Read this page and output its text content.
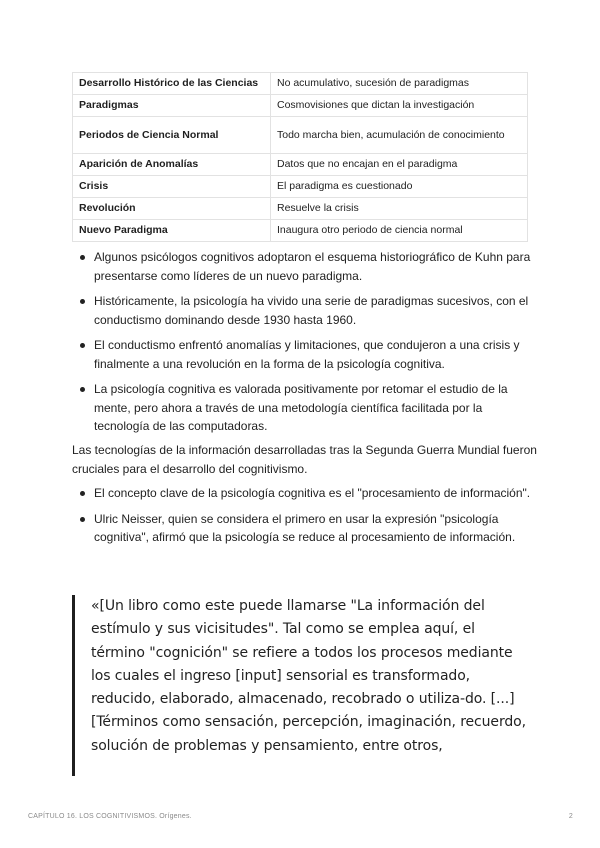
Desarrollo Histórico de las Ciencias	No acumulativo, sucesión de paradigmas
Paradigmas	Cosmovisiones que dictan la investigación
Periodos de Ciencia Normal	Todo marcha bien, acumulación de conocimiento
Aparición de Anomalías	Datos que no encajan en el paradigma
Crisis	El paradigma es cuestionado
Revolución	Resuelve la crisis
Nuevo Paradigma	Inaugura otro periodo de ciencia normal
Algunos psicólogos cognitivos adoptaron el esquema historiográfico de Kuhn para presentarse como líderes de un nuevo paradigma.
Históricamente, la psicología ha vivido una serie de paradigmas sucesivos, con el conductismo dominando desde 1930 hasta 1960.
El conductismo enfrentó anomalías y limitaciones, que condujeron a una crisis y finalmente a una revolución en la forma de la psicología cognitiva.
La psicología cognitiva es valorada positivamente por retomar el estudio de la mente, pero ahora a través de una metodología científica facilitada por la tecnología de las computadoras.

Las tecnologías de la información desarrolladas tras la Segunda Guerra Mundial fueron cruciales para el desarrollo del cognitivismo.

El concepto clave de la psicología cognitiva es el "procesamiento de información".
Ulric Neisser, quien se considera el primero en usar la expresión "psicología cognitiva", afirmó que la psicología se reduce al procesamiento de información.

«[Un libro como este puede llamarse "La información del estímulo y sus vicisitudes". Tal como se emplea aquí, el término "cognición" se refiere a todos los procesos mediante los cuales el ingreso [input] sensorial es transformado, reducido, elaborado, almacenado, recobrado o utiliza-do. [...] [Términos como sensación, percepción, imaginación, recuerdo, solución de problemas y pensamiento, entre otros,

CAPÍTULO 16. LOS COGNITIVISMOS. Orígenes.	2
